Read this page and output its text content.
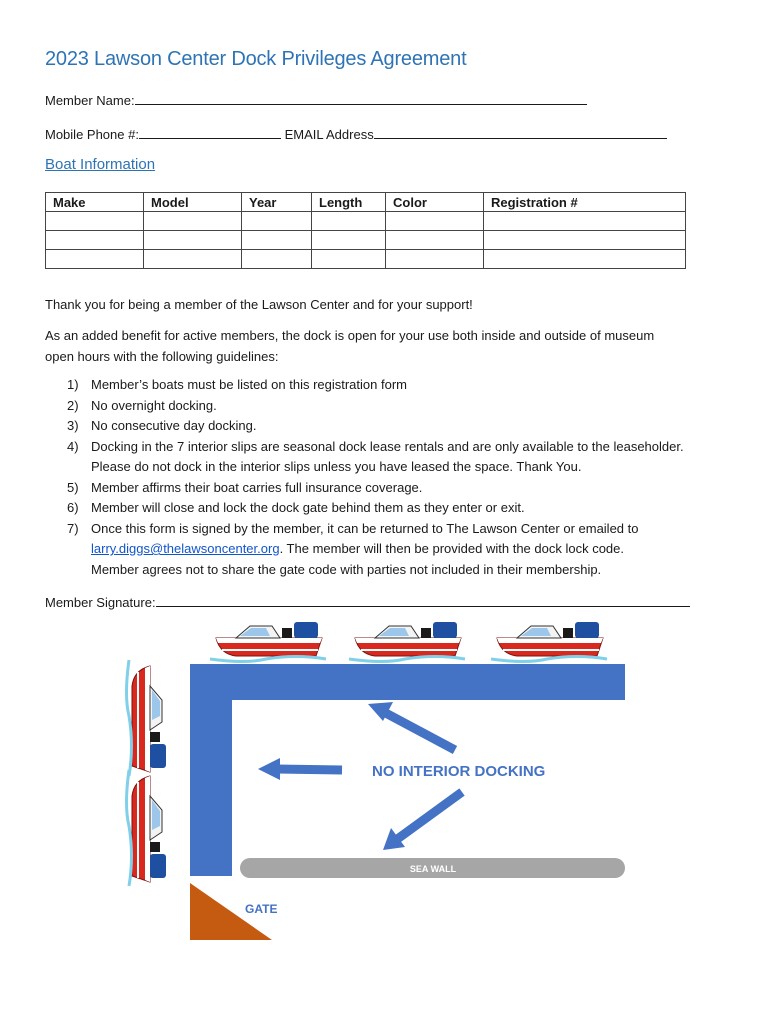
2023 Lawson Center Dock Privileges Agreement
Member Name:
Mobile Phone #:	EMAIL Address
Boat Information
Make	Model	Year	Length	Color	Registration #

Thank you for being a member of the Lawson Center and for your support!

As an added benefit for active members, the dock is open for your use both inside and outside of museum
open hours with the following guidelines:

1) Member’s boats must be listed on this registration form
2) No overnight docking.
3) No consecutive day docking.
4) Docking in the 7 interior slips are seasonal dock lease rentals and are only available to the leaseholder.
Please do not dock in the interior slips unless you have leased the space. Thank You.
5) Member affirms their boat carries full insurance coverage.
6) Member will close and lock the dock gate behind them as they enter or exit.
7) Once this form is signed by the member, it can be returned to The Lawson Center or emailed to
larry.diggs@thelawsoncenter.org. The member will then be provided with the dock lock code.
Member agrees not to share the gate code with parties not included in their membership.
Member Signature:
NO INTERIOR DOCKING
SEA WALL
GATE
